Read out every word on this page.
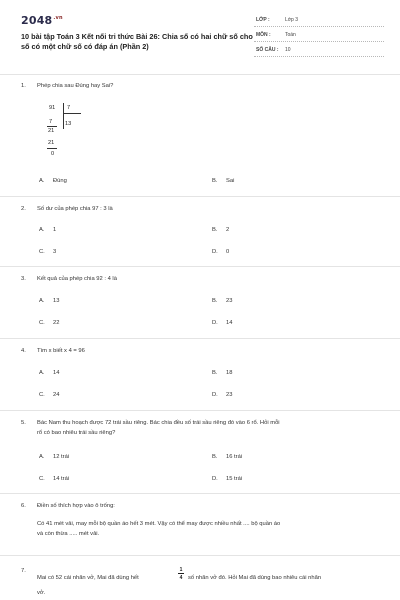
$2048^{.vn}$
10 bài tập Toán 3 Kết nối tri thức Bài 26: Chia số có hai chữ số cho số có một chữ số có đáp án (Phần 2)
LỚP :	Lớp 3
MÔN :	Toán
SỐ CÂU : 10
1. Phép chia sau Đúng hay Sai?
91 7
7 13
21
21
0
A. Đúng	B. Sai
2. Số dư của phép chia 97 : 3 là
A. 1	B. 2
C. 3	D. 0
3. Kết quả của phép chia 92 : 4 là
A. 13	B. 23
C. 22	D. 14
4. Tìm x biết x 4 = 96
A. 14	B. 18
C. 24	D. 23
5. Bác Nam thu hoạch được 72 trái sầu riêng. Bác chia đều số trái sầu riêng đó vào 6 rổ. Hỏi mỗi
rổ có bao nhiêu trái sầu riêng?
A. 12 trái	B. 16 trái
C. 14 trái	D. 15 trái
6. Điền số thích hợp vào ô trống:
Có 41 mét vải, may mỗi bộ quần áo hết 3 mét. Vậy có thể may được nhiều nhất .... bộ quần áo
và còn thừa ..... mét vải.
7.
Mai có 52 cái nhãn vở, Mai đã dùng hết
1
4 số nhãn vở đó. Hỏi Mai đã dùng bao nhiêu cái nhãn
vở.
